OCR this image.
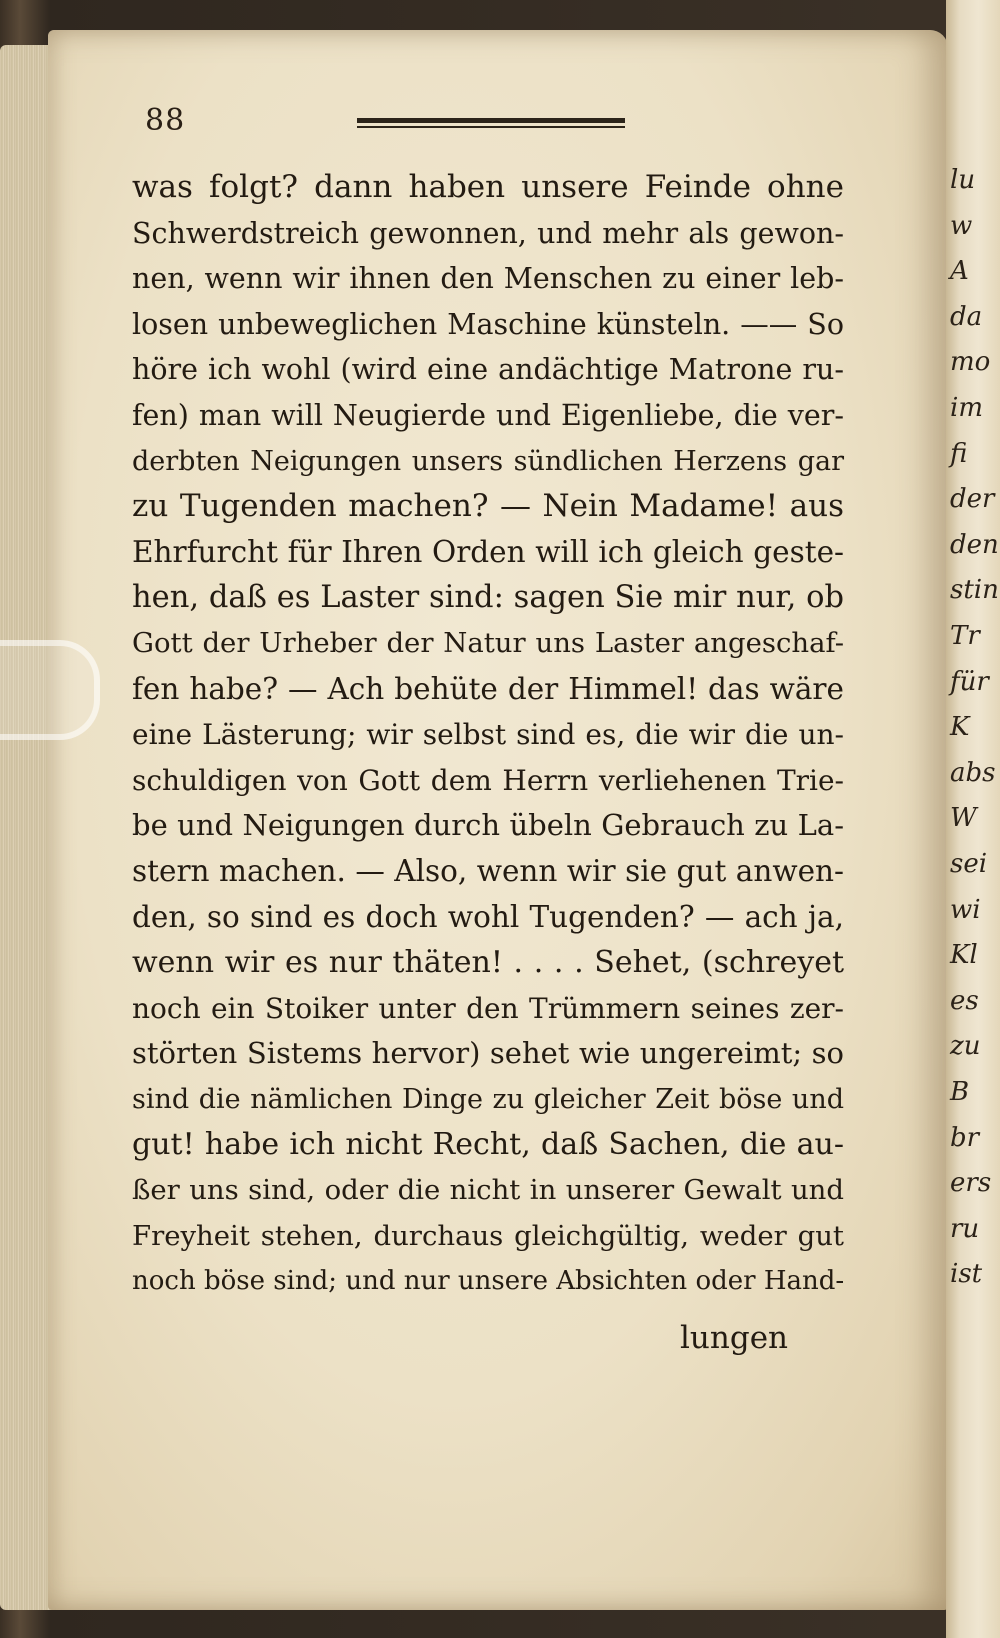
lu
w
A
da
mo
im
fi
der
den
stin
Tr
für
K
abs
W
sei
wi
Kl
es
zu
B
br
ers
ru
ist
88
was folgt? dann haben unsere Feinde ohne
Schwerdstreich gewonnen, und mehr als gewon-
nen, wenn wir ihnen den Menschen zu einer leb-
losen unbeweglichen Maschine künsteln. —— So
höre ich wohl (wird eine andächtige Matrone ru-
fen) man will Neugierde und Eigenliebe, die ver-
derbten Neigungen unsers sündlichen Herzens gar
zu Tugenden machen? — Nein Madame! aus
Ehrfurcht für Ihren Orden will ich gleich geste-
hen, daß es Laster sind: sagen Sie mir nur, ob
Gott der Urheber der Natur uns Laster angeschaf-
fen habe? — Ach behüte der Himmel! das wäre
eine Lästerung; wir selbst sind es, die wir die un-
schuldigen von Gott dem Herrn verliehenen Trie-
be und Neigungen durch übeln Gebrauch zu La-
stern machen. — Also, wenn wir sie gut anwen-
den, so sind es doch wohl Tugenden? — ach ja,
wenn wir es nur thäten! . . . . Sehet, (schreyet
noch ein Stoiker unter den Trümmern seines zer-
störten Sistems hervor) sehet wie ungereimt; so
sind die nämlichen Dinge zu gleicher Zeit böse und
gut! habe ich nicht Recht, daß Sachen, die au-
ßer uns sind, oder die nicht in unserer Gewalt und
Freyheit stehen, durchaus gleichgültig, weder gut
noch böse sind; und nur unsere Absichten oder Hand-
lungen
